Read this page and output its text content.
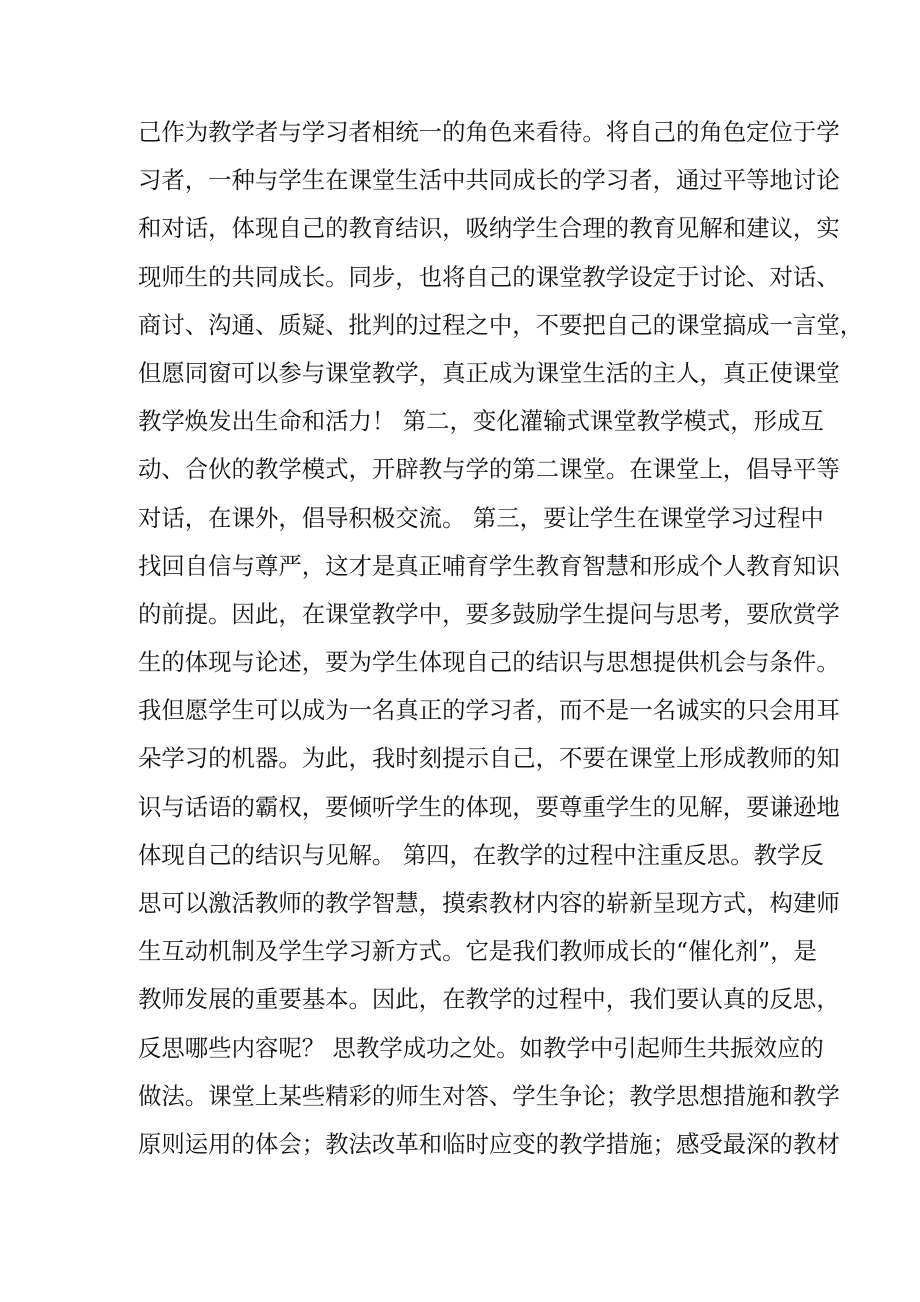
己作为教学者与学习者相统一的角色来看待。将自己的角色定位于学
习者，一种与学生在课堂生活中共同成长的学习者，通过平等地讨论
和对话，体现自己的教育结识，吸纳学生合理的教育见解和建议，实
现师生的共同成长。同步，也将自己的课堂教学设定于讨论、对话、
商讨、沟通、质疑、批判的过程之中，不要把自己的课堂搞成一言堂，
但愿同窗可以参与课堂教学，真正成为课堂生活的主人，真正使课堂
教学焕发出生命和活力！ 第二，变化灌输式课堂教学模式，形成互
动、合伙的教学模式，开辟教与学的第二课堂。在课堂上，倡导平等
对话，在课外，倡导积极交流。 第三，要让学生在课堂学习过程中
找回自信与尊严，这才是真正哺育学生教育智慧和形成个人教育知识
的前提。因此，在课堂教学中，要多鼓励学生提问与思考，要欣赏学
生的体现与论述，要为学生体现自己的结识与思想提供机会与条件。
我但愿学生可以成为一名真正的学习者，而不是一名诚实的只会用耳
朵学习的机器。为此，我时刻提示自己，不要在课堂上形成教师的知
识与话语的霸权，要倾听学生的体现，要尊重学生的见解，要谦逊地
体现自己的结识与见解。 第四，在教学的过程中注重反思。教学反
思可以激活教师的教学智慧，摸索教材内容的崭新呈现方式，构建师
生互动机制及学生学习新方式。它是我们教师成长的“催化剂”，是
教师发展的重要基本。因此，在教学的过程中，我们要认真的反思，
反思哪些内容呢？ 思教学成功之处。如教学中引起师生共振效应的
做法。课堂上某些精彩的师生对答、学生争论；教学思想措施和教学
原则运用的体会；教法改革和临时应变的教学措施；感受最深的教材
